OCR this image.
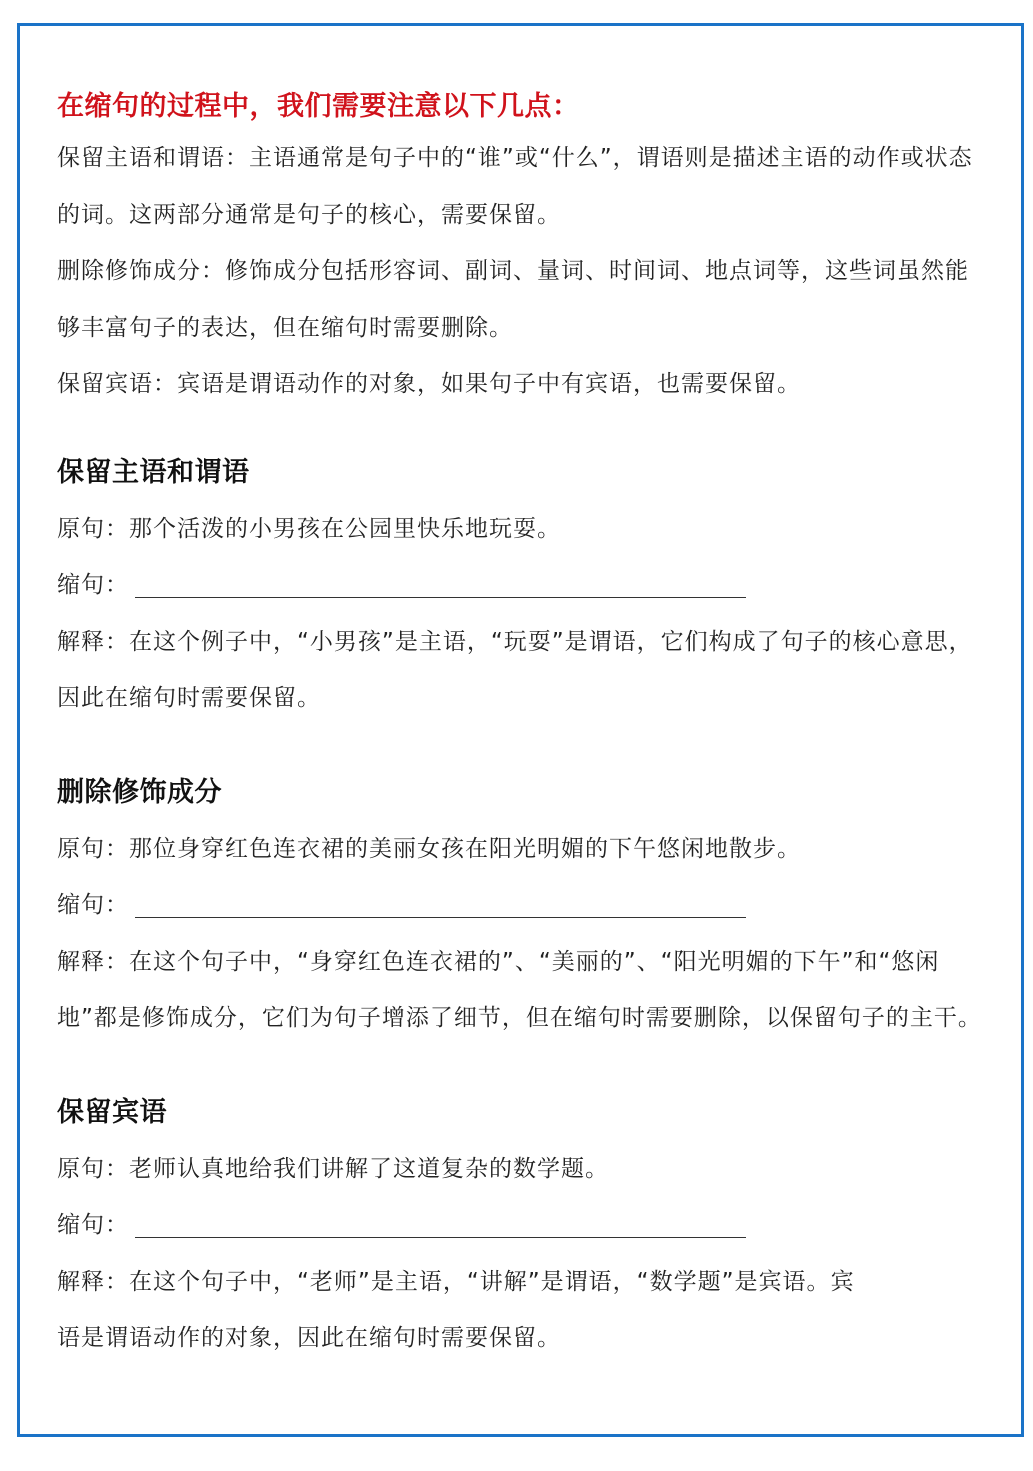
在缩句的过程中，我们需要注意以下几点：

保留主语和谓语：主语通常是句子中的“谁”或“什么”，谓语则是描述主语的动作或状态的词。这两部分通常是句子的核心，需要保留。

删除修饰成分：修饰成分包括形容词、副词、量词、时间词、地点词等，这些词虽然能够丰富句子的表达，但在缩句时需要删除。

保留宾语：宾语是谓语动作的对象，如果句子中有宾语，也需要保留。

保留主语和谓语

原句：那个活泼的小男孩在公园里快乐地玩耍。

缩句：

解释：在这个例子中，“小男孩”是主语，“玩耍”是谓语，它们构成了句子的核心意思，因此在缩句时需要保留。

删除修饰成分

原句：那位身穿红色连衣裙的美丽女孩在阳光明媚的下午悠闲地散步。

缩句：

解释：在这个句子中，“身穿红色连衣裙的”、“美丽的”、“阳光明媚的下午”和“悠闲地”都是修饰成分，它们为句子增添了细节，但在缩句时需要删除，以保留句子的主干。

保留宾语

原句：老师认真地给我们讲解了这道复杂的数学题。

缩句：

解释：在这个句子中，“老师”是主语，“讲解”是谓语，“数学题”是宾语。宾语是谓语动作的对象，因此在缩句时需要保留。
